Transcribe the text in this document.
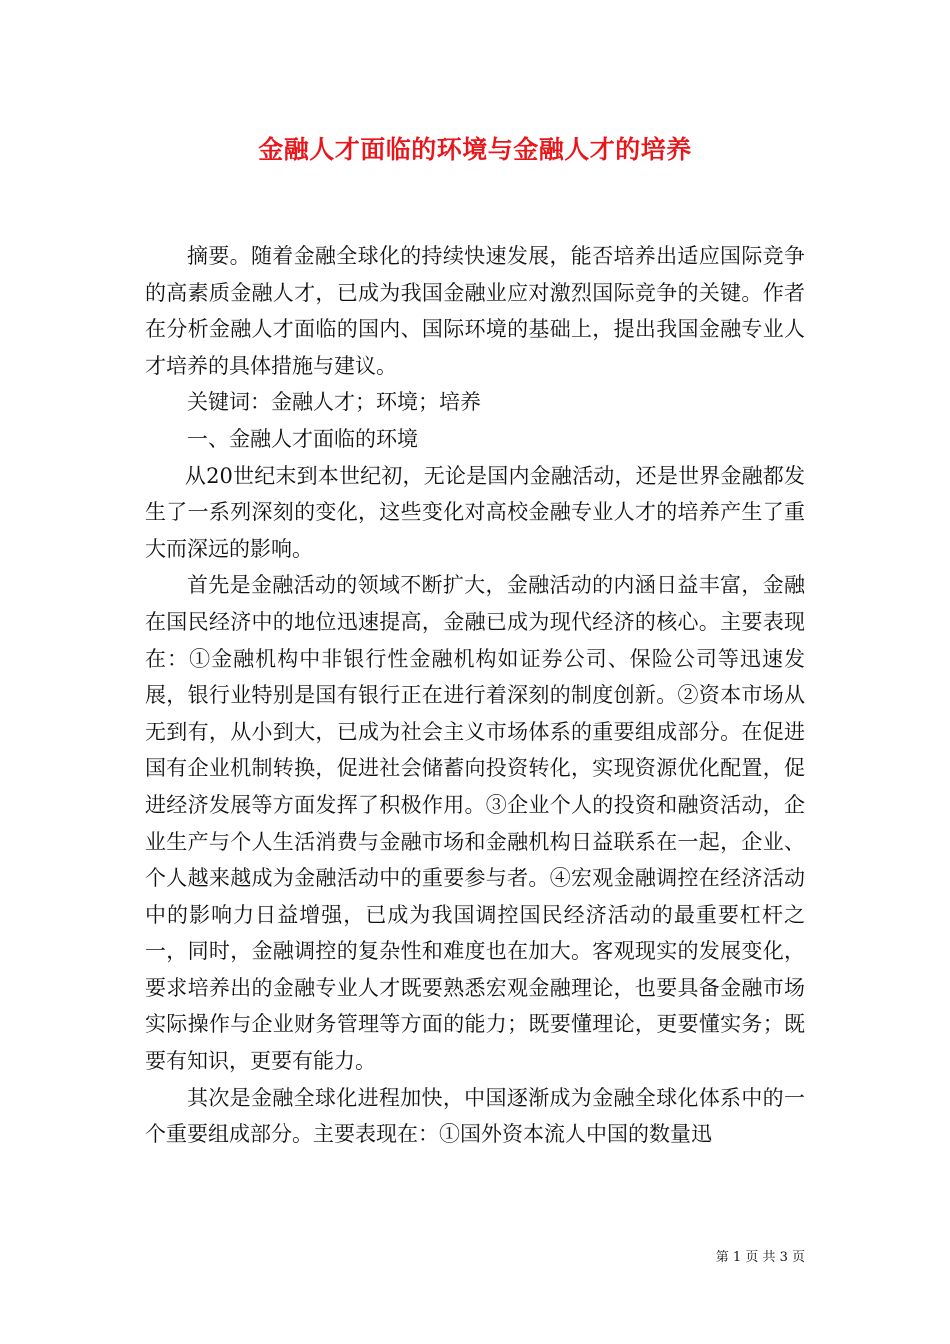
金融人才面临的环境与金融人才的培养

摘要。随着金融全球化的持续快速发展，能否培养出适应国际竞争的高素质金融人才，已成为我国金融业应对激烈国际竞争的关键。作者在分析金融人才面临的国内、国际环境的基础上，提出我国金融专业人才培养的具体措施与建议。

关键词：金融人才；环境；培养

一、金融人才面临的环境

从20世纪末到本世纪初，无论是国内金融活动，还是世界金融都发生了一系列深刻的变化，这些变化对高校金融专业人才的培养产生了重大而深远的影响。

首先是金融活动的领域不断扩大，金融活动的内涵日益丰富，金融在国民经济中的地位迅速提高，金融已成为现代经济的核心。主要表现在：①金融机构中非银行性金融机构如证券公司、保险公司等迅速发展，银行业特别是国有银行正在进行着深刻的制度创新。②资本市场从无到有，从小到大，已成为社会主义市场体系的重要组成部分。在促进国有企业机制转换，促进社会储蓄向投资转化，实现资源优化配置，促进经济发展等方面发挥了积极作用。③企业个人的投资和融资活动，企业生产与个人生活消费与金融市场和金融机构日益联系在一起，企业、个人越来越成为金融活动中的重要参与者。④宏观金融调控在经济活动中的影响力日益增强，已成为我国调控国民经济活动的最重要杠杆之一，同时，金融调控的复杂性和难度也在加大。客观现实的发展变化，要求培养出的金融专业人才既要熟悉宏观金融理论，也要具备金融市场实际操作与企业财务管理等方面的能力；既要懂理论，更要懂实务；既要有知识，更要有能力。

其次是金融全球化进程加快，中国逐渐成为金融全球化体系中的一个重要组成部分。主要表现在：①国外资本流人中国的数量迅

第 1 页 共 3 页
